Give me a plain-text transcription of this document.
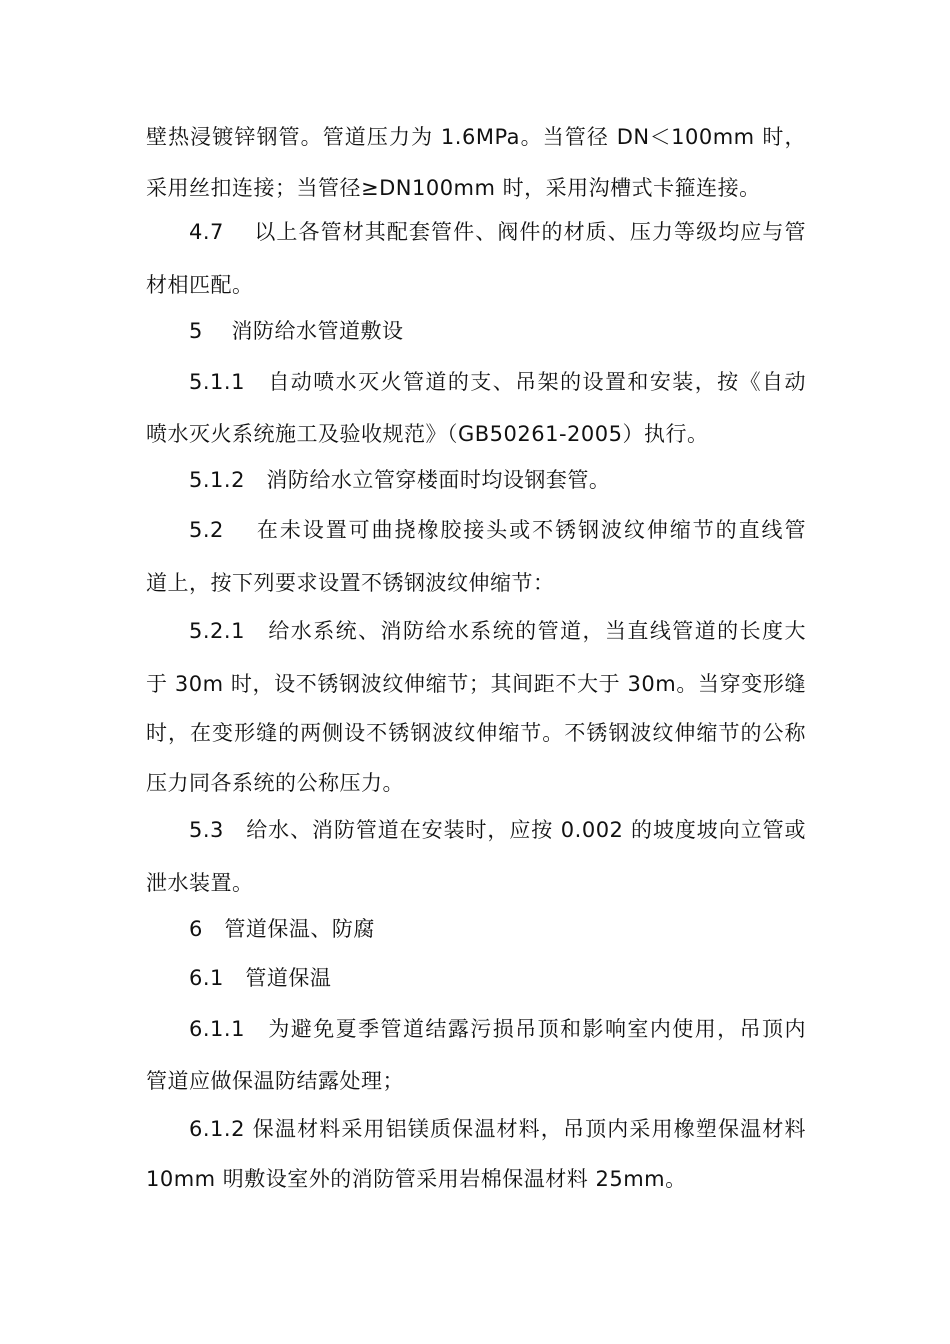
壁热浸镀锌钢管。管道压力为 1.6MPa。当管径 DN＜100mm 时，
采用丝扣连接；当管径≥DN100mm 时，采用沟槽式卡箍连接。
4.7　 以上各管材其配套管件、阀件的材质、压力等级均应与管
材相匹配。
5　 消防给水管道敷设
5.1.1　自动喷水灭火管道的支、吊架的设置和安装，按《自动
喷水灭火系统施工及验收规范》（GB50261-2005）执行。
5.1.2　消防给水立管穿楼面时均设钢套管。
5.2　 在未设置可曲挠橡胶接头或不锈钢波纹伸缩节的直线管
道上，按下列要求设置不锈钢波纹伸缩节：
5.2.1　给水系统、消防给水系统的管道，当直线管道的长度大
于 30m 时，设不锈钢波纹伸缩节；其间距不大于 30m。当穿变形缝
时，在变形缝的两侧设不锈钢波纹伸缩节。不锈钢波纹伸缩节的公称
压力同各系统的公称压力。
5.3　给水、消防管道在安装时，应按 0.002 的坡度坡向立管或
泄水装置。
6　管道保温、防腐
6.1　管道保温
6.1.1　为避免夏季管道结露污损吊顶和影响室内使用，吊顶内
管道应做保温防结露处理；
6.1.2 保温材料采用铝镁质保温材料，吊顶内采用橡塑保温材料
10mm 明敷设室外的消防管采用岩棉保温材料 25mm。
